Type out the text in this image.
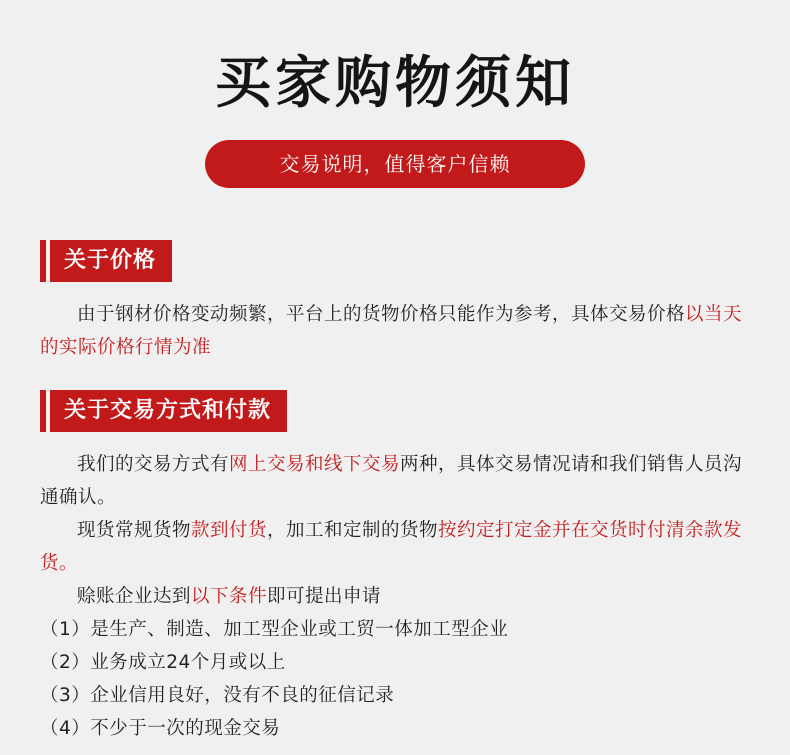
买家购物须知
交易说明，值得客户信赖
关于价格
由于钢材价格变动频繁，平台上的货物价格只能作为参考，具体交易价格以当天的实际价格行情为准
关于交易方式和付款
我们的交易方式有网上交易和线下交易两种，具体交易情况请和我们销售人员沟通确认。
现货常规货物款到付货，加工和定制的货物按约定打定金并在交货时付清余款发货。
赊账企业达到以下条件即可提出申请
（1）是生产、制造、加工型企业或工贸一体加工型企业
（2）业务成立24个月或以上
（3）企业信用良好，没有不良的征信记录
（4）不少于一次的现金交易
